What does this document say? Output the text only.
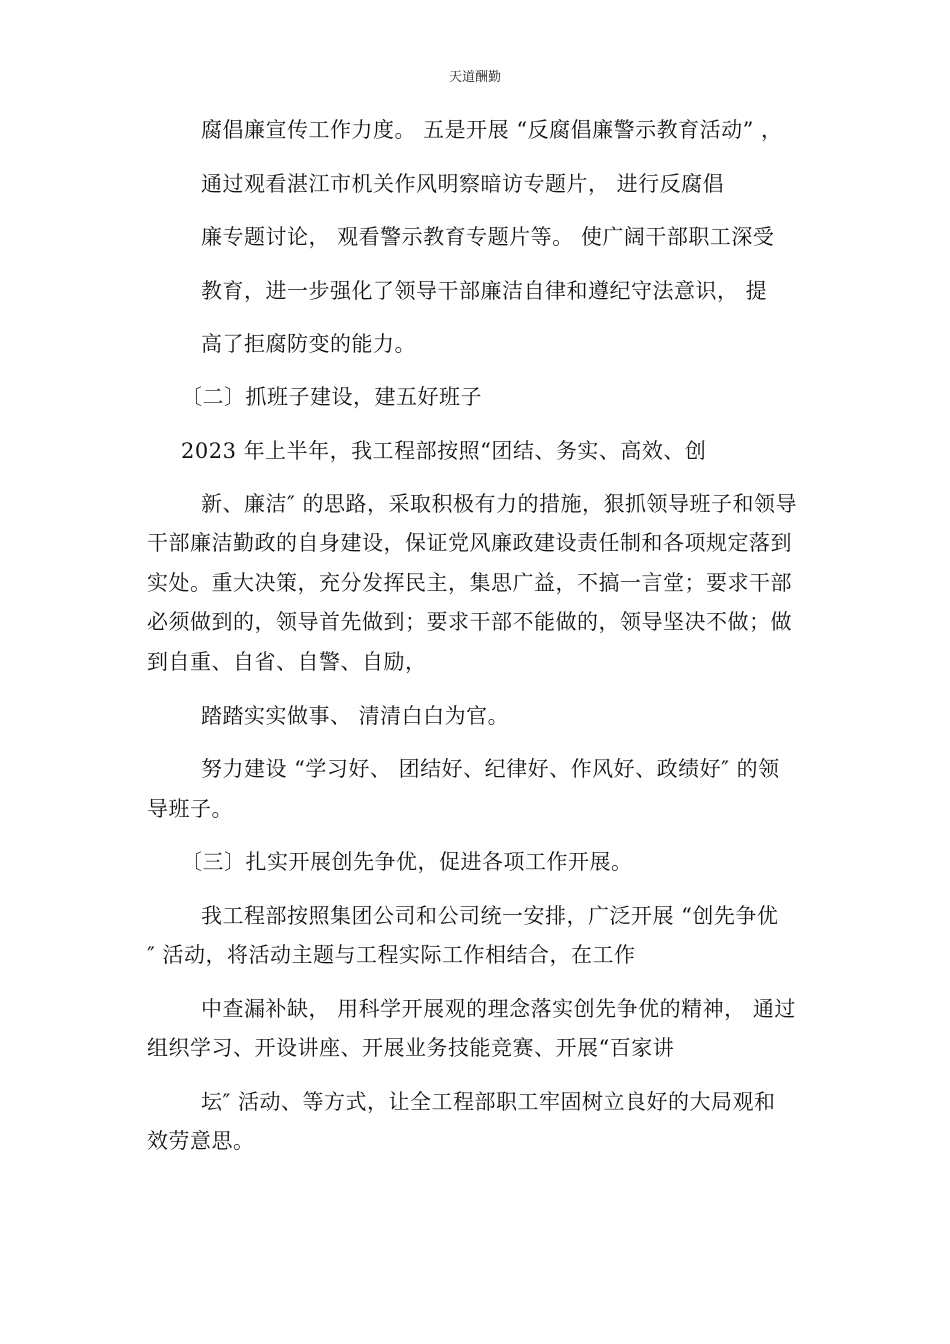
天道酬勤
腐倡廉宣传工作力度。 五是开展 “反腐倡廉警示教育活动” ，
通过观看湛江市机关作风明察暗访专题片， 进行反腐倡
廉专题讨论， 观看警示教育专题片等。 使广阔干部职工深受
教育，进一步强化了领导干部廉洁自律和遵纪守法意识， 提
高了拒腐防变的能力。
〔二〕抓班子建设，建五好班子
2023 年上半年，我工程部按照“团结、务实、高效、创
新、廉洁″ 的思路，采取积极有力的措施，狠抓领导班子和领导
干部廉洁勤政的自身建设，保证党风廉政建设责任制和各项规定落到
实处。重大决策，充分发挥民主，集思广益，不搞一言堂；要求干部
必须做到的，领导首先做到；要求干部不能做的，领导坚决不做；做
到自重、自省、自警、自励，
踏踏实实做事、 清清白白为官。
努力建设 “学习好、 团结好、纪律好、作风好、政绩好″ 的领
导班子。
〔三〕扎实开展创先争优，促进各项工作开展。
我工程部按照集团公司和公司统一安排，广泛开展 “创先争优
″ 活动，将活动主题与工程实际工作相结合，在工作
中查漏补缺， 用科学开展观的理念落实创先争优的精神， 通过
组织学习、开设讲座、开展业务技能竞赛、开展“百家讲
坛″ 活动、等方式，让全工程部职工牢固树立良好的大局观和
效劳意思。
